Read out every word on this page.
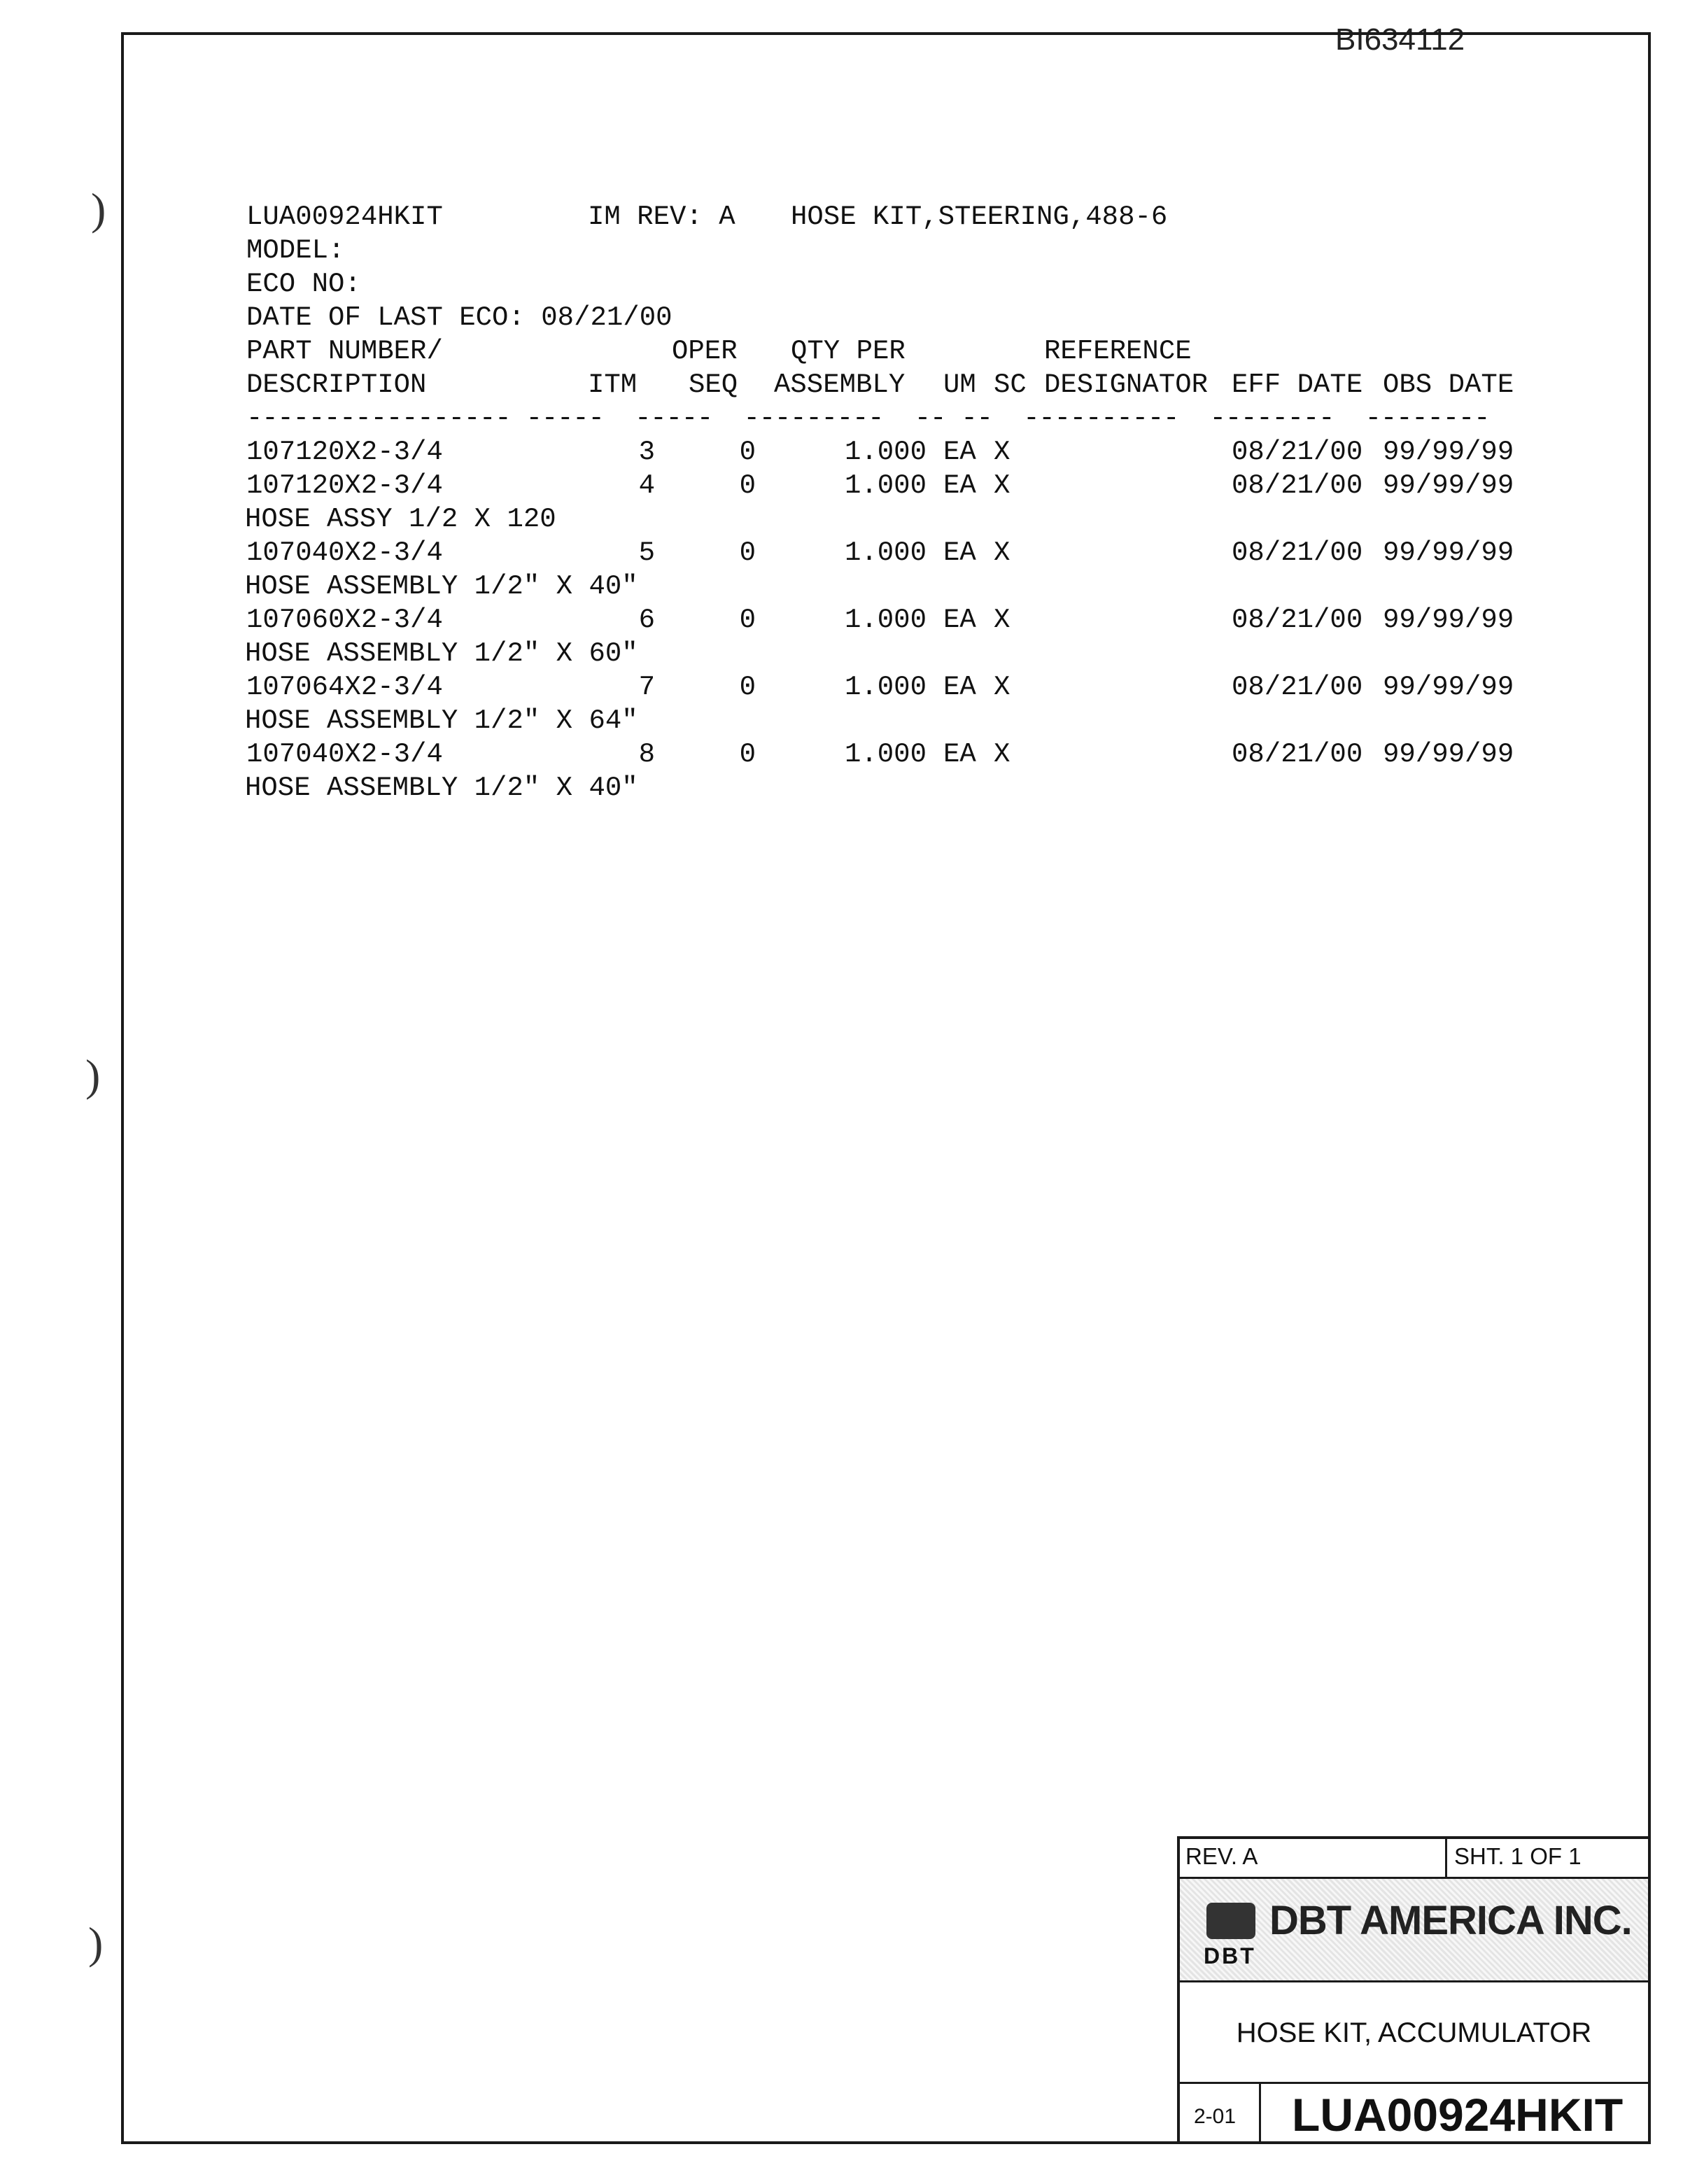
BI634112
)
)
)
LUA00924HKIT	IM REV: A HOSE KIT,STEERING,488-6
MODEL:
ECO NO:
DATE OF LAST ECO: 08/21/00
PART NUMBER/	OPER QTY PER	REFERENCE
DESCRIPTION	ITM SEQ ASSEMBLY UM SC DESIGNATOR EFF DATE OBS DATE
----------------- -----  -----  ---------  -- --  ----------  --------  --------
107120X2-3/4	3	0	1.000 EA X	08/21/00 99/99/99
107120X2-3/4	4	0	1.000 EA X	08/21/00 99/99/99
HOSE ASSY 1/2 X 120
107040X2-3/4	5	0	1.000 EA X	08/21/00 99/99/99
HOSE ASSEMBLY 1/2" X 40"
107060X2-3/4	6	0	1.000 EA X	08/21/00 99/99/99
HOSE ASSEMBLY 1/2" X 60"
107064X2-3/4	7	0	1.000 EA X	08/21/00 99/99/99
HOSE ASSEMBLY 1/2" X 64"
107040X2-3/4	8	0	1.000 EA X	08/21/00 99/99/99
HOSE ASSEMBLY 1/2" X 40"
REV. A	SHT. 1 OF 1
DBT
DBT AMERICA INC.
HOSE KIT, ACCUMULATOR
2-01 LUA00924HKIT
